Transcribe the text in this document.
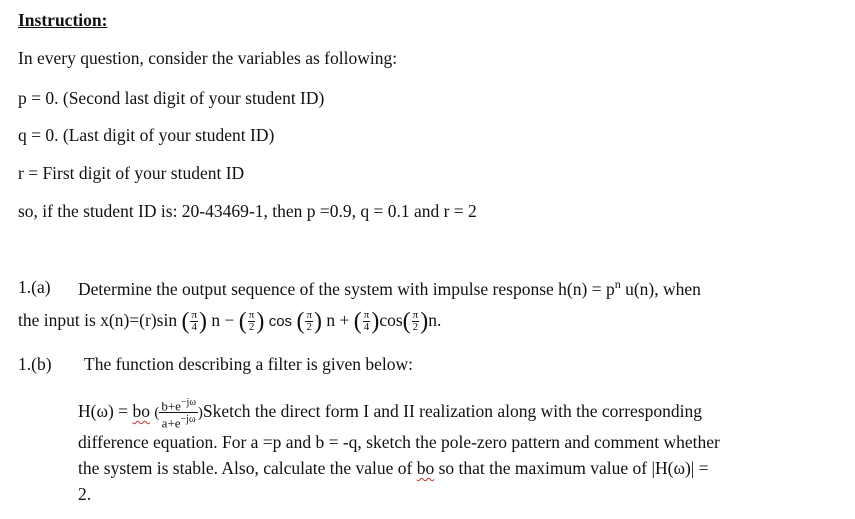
Instruction:
In every question, consider the variables as following:
p = 0. (Second last digit of your student ID)
q = 0. (Last digit of your student ID)
r = First digit of your student ID
so, if the student ID is: 20-43469-1, then p =0.9, q = 0.1 and r = 2
1.(a) Determine the output sequence of the system with impulse response $h(n) = p^n$ u(n), when
the input is x(n)=(r)sin ( $\frac{\pi}{4}$ ) n − ( $\frac{\pi}{2}$ ) cos ( $\frac{\pi}{2}$ ) n + ( $\frac{\pi}{4} )\cos( \frac{\pi}{2} )n$.
1.(b) The function describing a filter is given below:
H(ω) = bo ( $\frac{b+e^{-j\omega}}{a+e^{-j\omega}}$ )Sketch the direct form I and II realization along with the corresponding
difference equation. For a =p and b = -q, sketch the pole-zero pattern and comment whether
the system is stable. Also, calculate the value of bo so that the maximum value of |H(ω)| =
2.
